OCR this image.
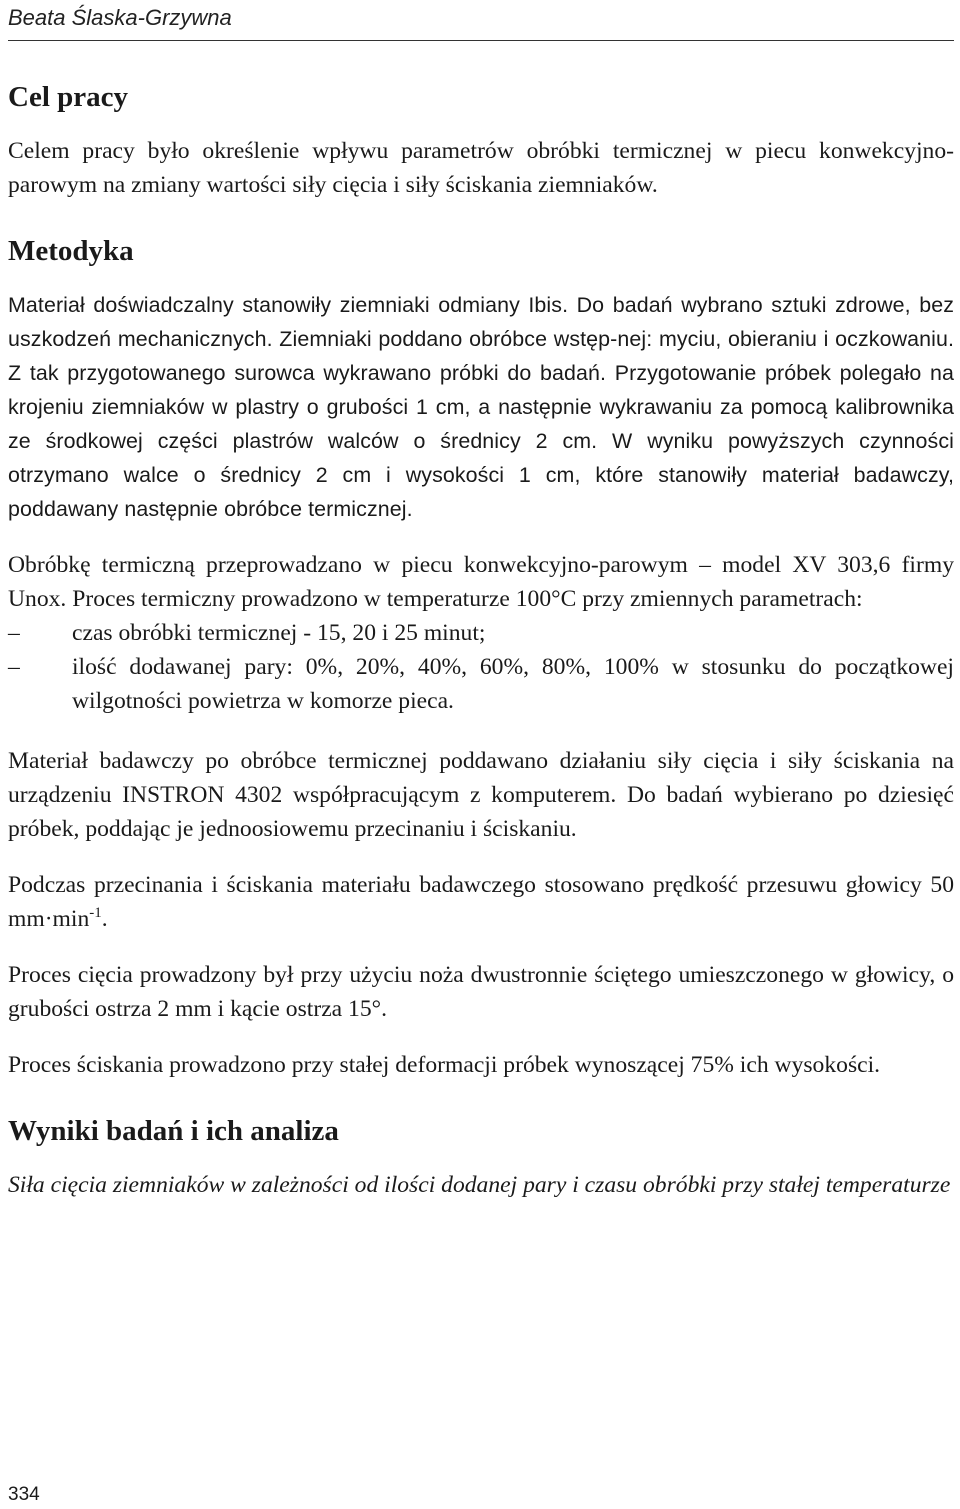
Beata Ślaska-Grzywna
Cel pracy

Celem pracy było określenie wpływu parametrów obróbki termicznej w piecu konwekcyjno-parowym na zmiany wartości siły cięcia i siły ściskania ziemniaków.

Metodyka

Materiał doświadczalny stanowiły ziemniaki odmiany Ibis. Do badań wybrano sztuki zdrowe, bez uszkodzeń mechanicznych. Ziemniaki poddano obróbce wstęp-nej: myciu, obieraniu i oczkowaniu. Z tak przygotowanego surowca wykrawano próbki do badań. Przygotowanie próbek polegało na krojeniu ziemniaków w plastry o grubości 1 cm, a następnie wykrawaniu za pomocą kalibrownika ze środkowej części plastrów walców o średnicy 2 cm. W wyniku powyższych czynności otrzymano walce o średnicy 2 cm i wysokości 1 cm, które stanowiły materiał badawczy, poddawany następnie obróbce termicznej.

Obróbkę termiczną przeprowadzano w piecu konwekcyjno-parowym – model XV 303,6 firmy Unox. Proces termiczny prowadzono w temperaturze 100°C przy zmiennych parametrach:

–	czas obróbki termicznej - 15, 20 i 25 minut;
–	ilość dodawanej pary: 0%, 20%, 40%, 60%, 80%, 100% w stosunku do początkowej wilgotności powietrza w komorze pieca.

Materiał badawczy po obróbce termicznej poddawano działaniu siły cięcia i siły ściskania na urządzeniu INSTRON 4302 współpracującym z komputerem. Do badań wybierano po dziesięć próbek, poddając je jednoosiowemu przecinaniu i ściskaniu.

Podczas przecinania i ściskania materiału badawczego stosowano prędkość przesuwu głowicy 50 $mm\cdot\min^{-1}$.

Proces cięcia prowadzony był przy użyciu noża dwustronnie ściętego umieszczonego w głowicy, o grubości ostrza 2 mm i kącie ostrza 15°.

Proces ściskania prowadzono przy stałej deformacji próbek wynoszącej 75% ich wysokości.

Wyniki badań i ich analiza

Siła cięcia ziemniaków w zależności od ilości dodanej pary i czasu obróbki przy stałej temperaturze

334
